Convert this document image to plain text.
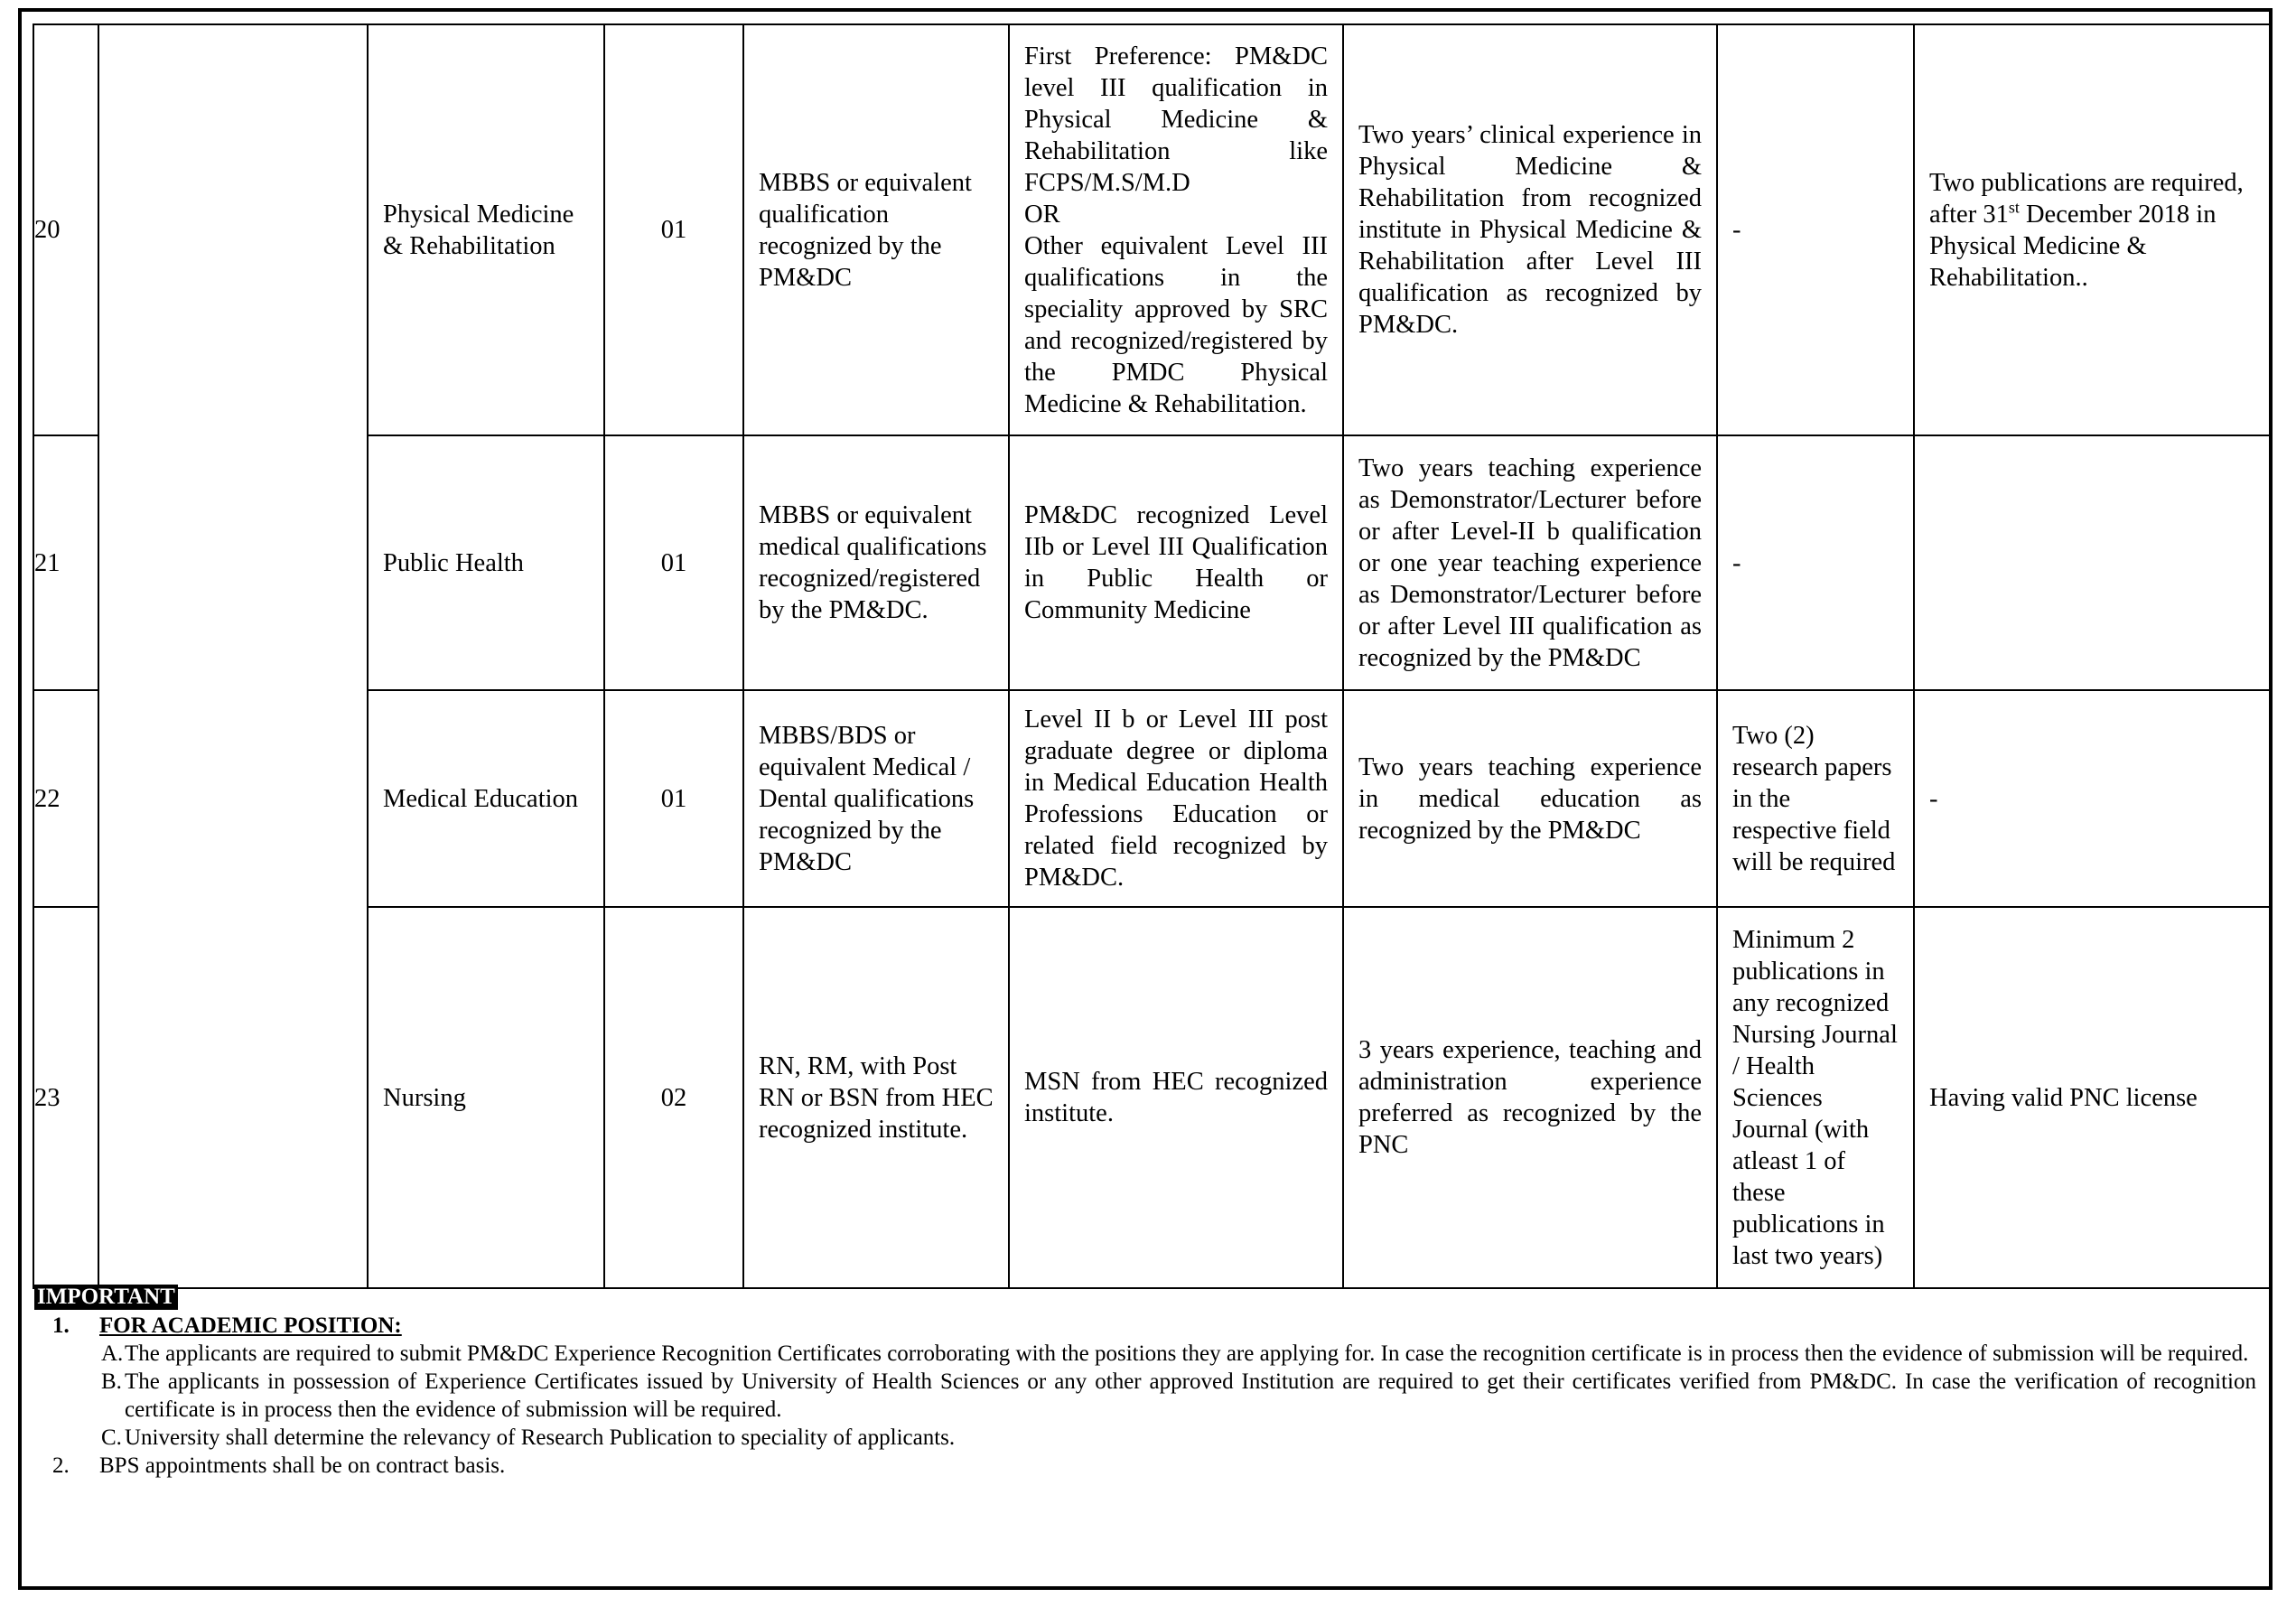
20		Physical Medicine & Rehabilitation	01	MBBS or equivalent qualification recognized by the PM&DC	First Preference: PM&DC level III qualification in Physical Medicine & Rehabilitation like FCPS/M.S/M.D
OR
Other equivalent Level III qualifications in the speciality approved by SRC and recognized/registered by the PMDC Physical Medicine & Rehabilitation.	Two years’ clinical experience in Physical Medicine & Rehabilitation from recognized institute in Physical Medicine & Rehabilitation after Level III qualification as recognized by PM&DC.	-	Two publications are required, after 31st December 2018 in Physical Medicine & Rehabilitation..
21		Public Health	01	MBBS or equivalent medical qualifications recognized/registered by the PM&DC.	PM&DC recognized Level IIb or Level III Qualification in Public Health or Community Medicine	Two years teaching experience as Demonstrator/Lecturer before or after Level-II b qualification or one year teaching experience as Demonstrator/Lecturer before or after Level III qualification as recognized by the PM&DC	-	
22		Medical Education	01	MBBS/BDS or equivalent Medical / Dental qualifications recognized by the PM&DC	Level II b or Level III post graduate degree or diploma in Medical Education Health Professions Education or related field recognized by PM&DC.	Two years teaching experience in medical education as recognized by the PM&DC	Two (2) research papers in the respective field will be required	-
23		Nursing	02	RN, RM, with Post RN or BSN from HEC recognized institute.	MSN from HEC recognized institute.	3 years experience, teaching and administration experience preferred as recognized by the PNC	Minimum 2 publications in any recognized Nursing Journal / Health Sciences Journal (with atleast 1 of these publications in last two years)	Having valid PNC license
IMPORTANT
1. FOR ACADEMIC POSITION:
A.The applicants are required to submit PM&DC Experience Recognition Certificates corroborating with the positions they are applying for. In case the recognition certificate is in process then the evidence of submission will be required.
B. The applicants in possession of Experience Certificates issued by University of Health Sciences or any other approved Institution are required to get their certificates verified from PM&DC. In case the verification of recognition certificate is in process then the evidence of submission will be required.
C. University shall determine the relevancy of Research Publication to speciality of applicants.
2. BPS appointments shall be on contract basis.
